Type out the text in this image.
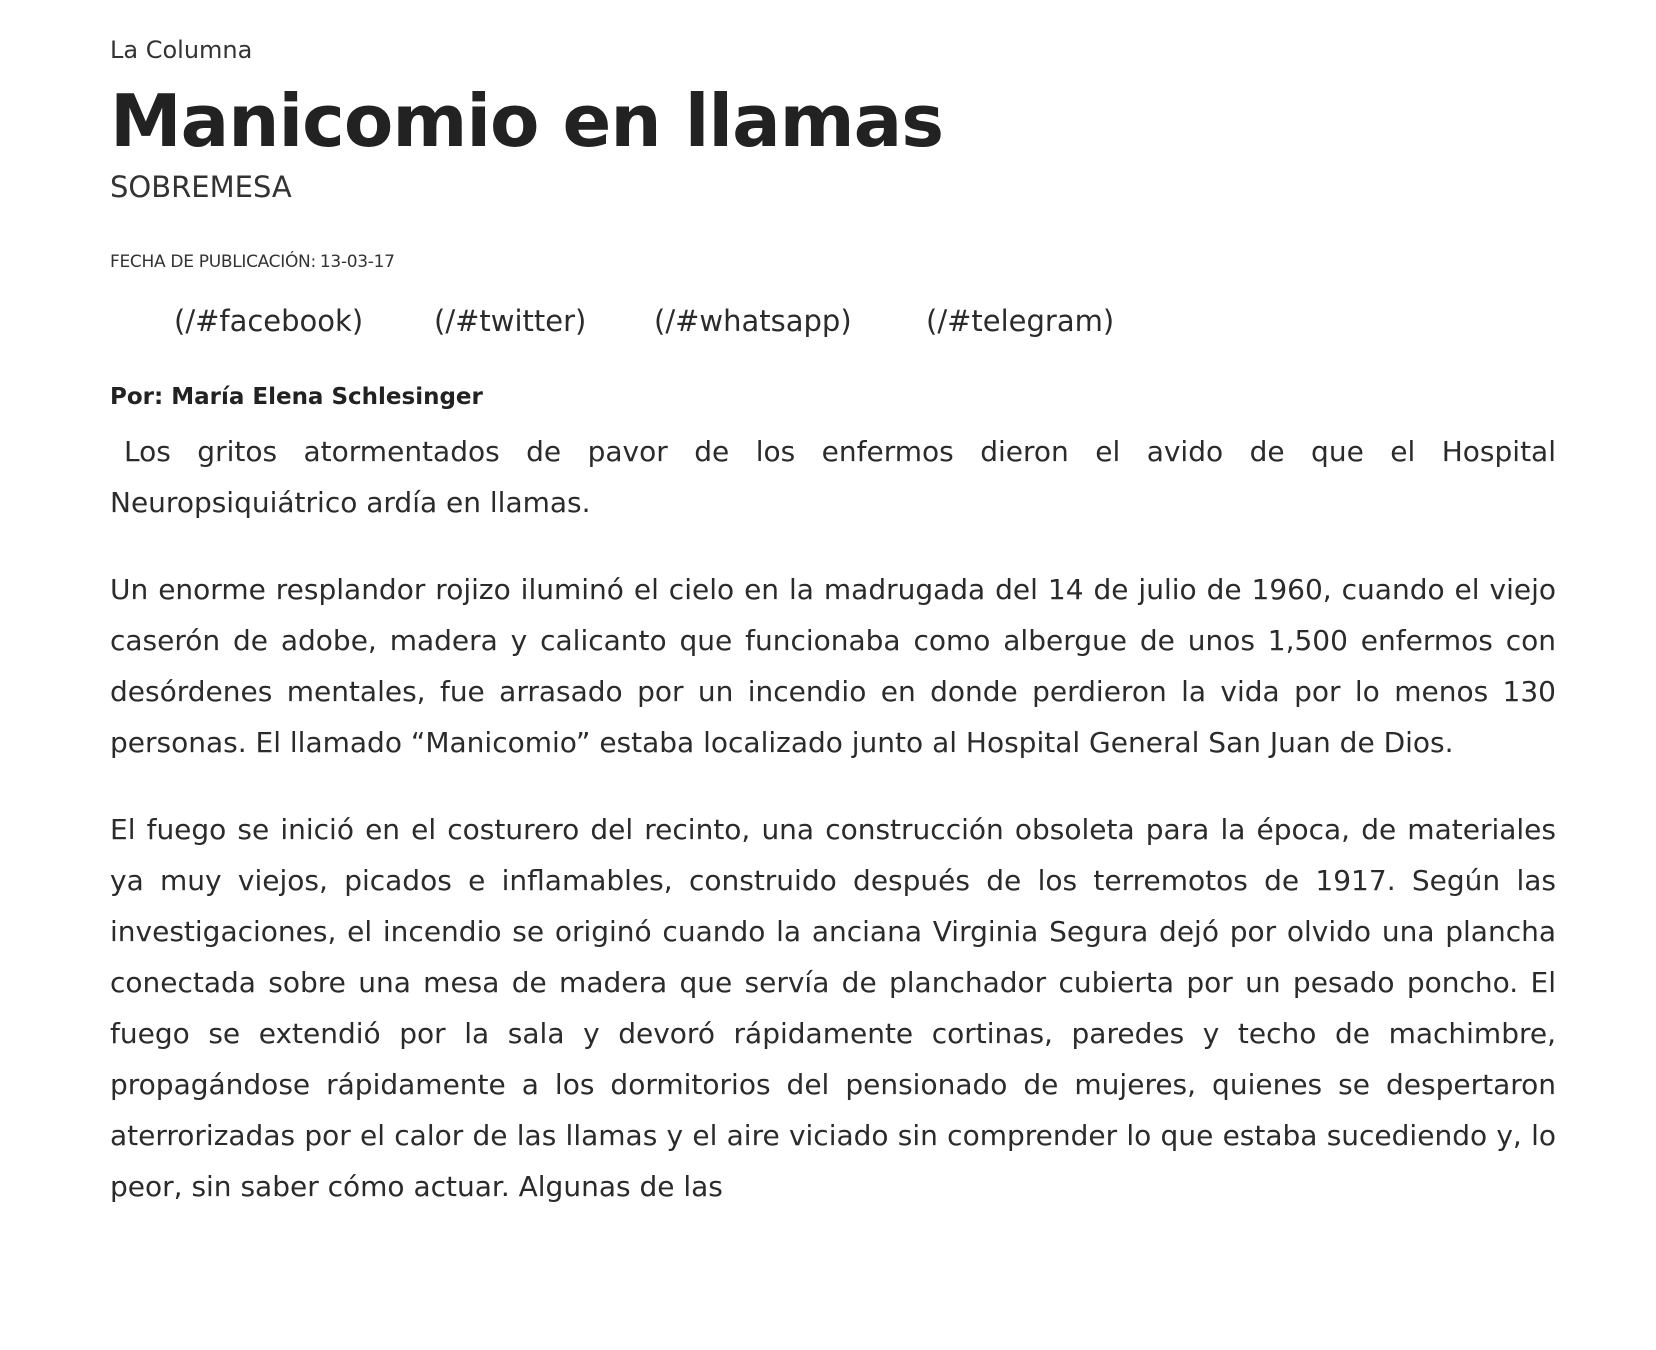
La Columna
Manicomio en llamas
SOBREMESA
FECHA DE PUBLICACIÓN: 13-03-17
(/#facebook)	(/#twitter)	(/#whatsapp)	(/#telegram)
Por: María Elena Schlesinger

Los gritos atormentados de pavor de los enfermos dieron el avido de que el Hospital Neuropsiquiátrico ardía en llamas.

Un enorme resplandor rojizo iluminó el cielo en la madrugada del 14 de julio de 1960, cuando el viejo caserón de adobe, madera y calicanto que funcionaba como albergue de unos 1,500 enfermos con desórdenes mentales, fue arrasado por un incendio en donde perdieron la vida por lo menos 130 personas. El llamado “Manicomio” estaba localizado junto al Hospital General San Juan de Dios.

El fuego se inició en el costurero del recinto, una construcción obsoleta para la época, de materiales ya muy viejos, picados e inflamables, construido después de los terremotos de 1917. Según las investigaciones, el incendio se originó cuando la anciana Virginia Segura dejó por olvido una plancha conectada sobre una mesa de madera que servía de planchador cubierta por un pesado poncho. El fuego se extendió por la sala y devoró rápidamente cortinas, paredes y techo de machimbre, propagándose rápidamente a los dormitorios del pensionado de mujeres, quienes se despertaron aterrorizadas por el calor de las llamas y el aire viciado sin comprender lo que estaba sucediendo y, lo peor, sin saber cómo actuar. Algunas de las
